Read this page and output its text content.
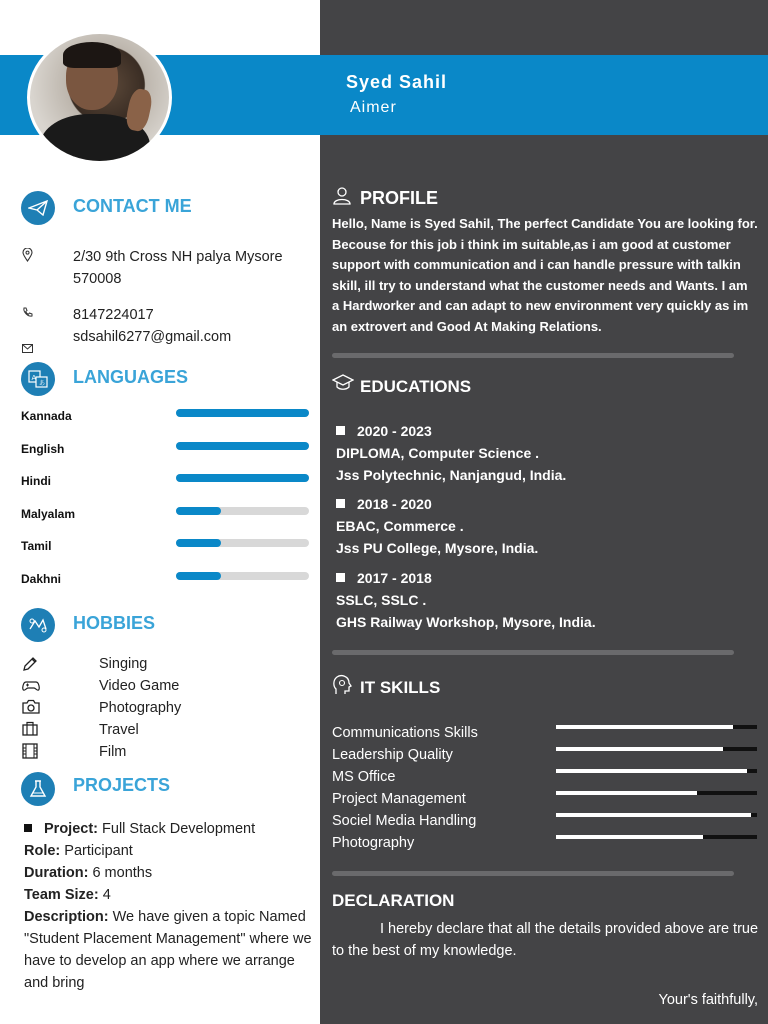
Syed Sahil
Aimer
CONTACT ME
2/30 9th Cross NH palya Mysore 570008
8147224017
sdsahil6277@gmail.com
A
あ LANGUAGES
Kannada
English
Hindi
Malyalam
Tamil
Dakhni
HOBBIES
Singing
Video Game
Photography
Travel
Film
PROJECTS
Project: Full Stack Development
Role: Participant
Duration: 6 months
Team Size: 4
Description: We have given a topic Named "Student Placement Management" where we have to develop an app where we arrange and bring
PROFILE
Hello, Name is Syed Sahil, The perfect Candidate You are looking for. Becouse for this job i think im suitable,as i am good at customer support with communication and i can handle pressure with talkin skill, ill try to understand what the customer needs and Wants. I am a Hardworker and can adapt to new environment very quickly as im an extrovert and Good At Making Relations.
EDUCATIONS
2020 - 2023
DIPLOMA, Computer Science .
Jss Polytechnic, Nanjangud, India.
2018 - 2020
EBAC, Commerce .
Jss PU College, Mysore, India.
2017 - 2018
SSLC, SSLC .
GHS Railway Workshop, Mysore, India.
IT SKILLS
Communications Skills
Leadership Quality
MS Office
Project Management
Sociel Media Handling
Photography
DECLARATION
I hereby declare that all the details provided above are true to the best of my knowledge.
Your's faithfully,
